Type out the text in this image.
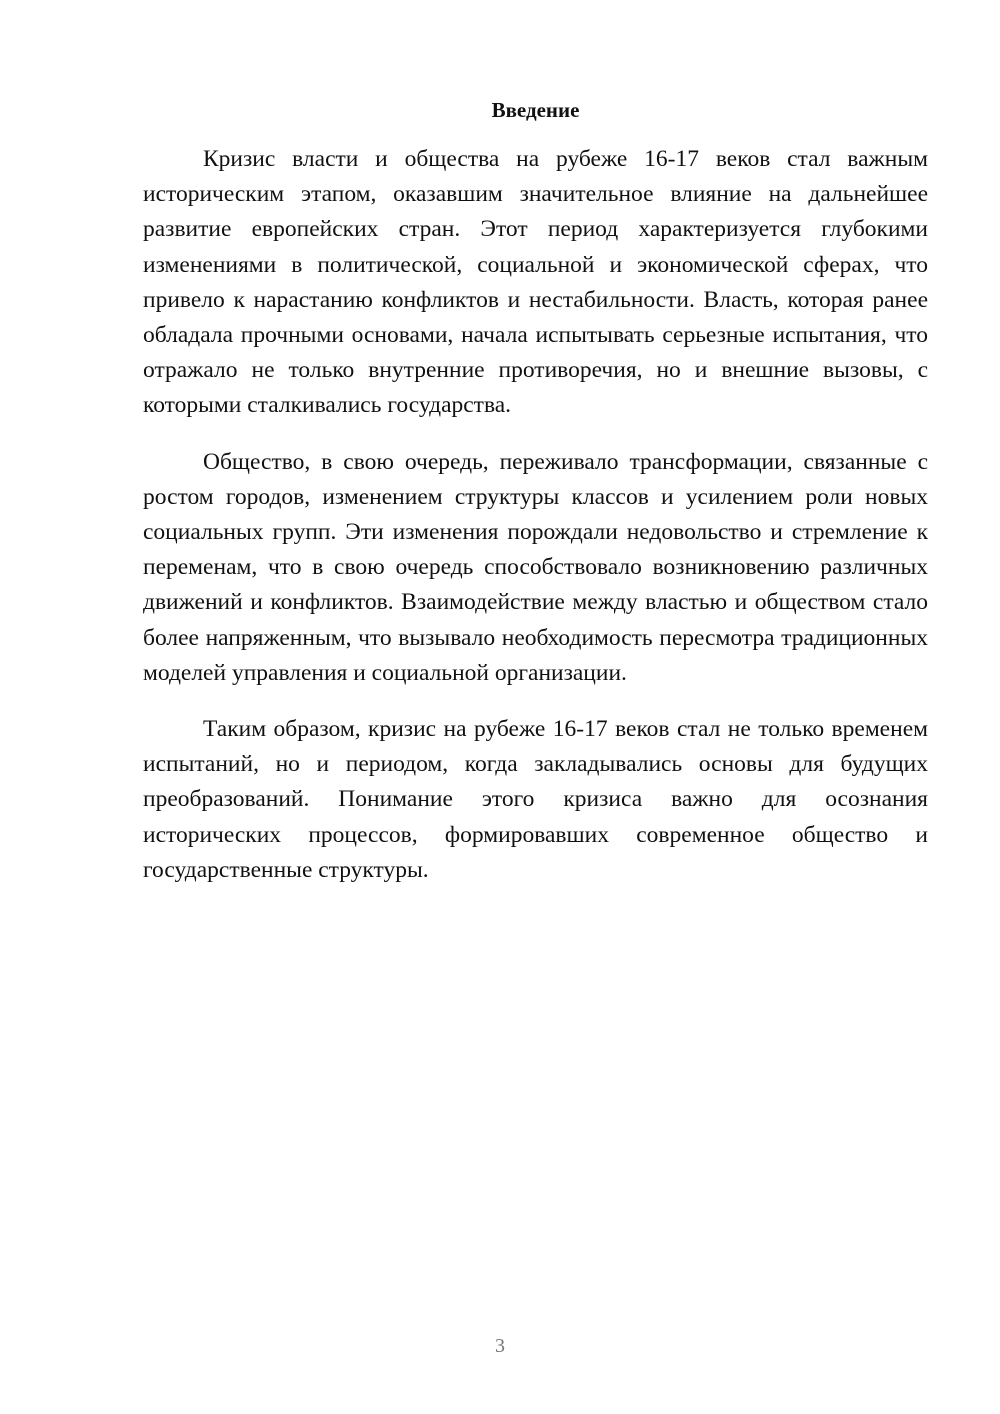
Введение

Кризис власти и общества на рубеже 16-17 веков стал важным историческим этапом, оказавшим значительное влияние на дальнейшее развитие европейских стран. Этот период характеризуется глубокими изменениями в политической, социальной и экономической сферах, что привело к нарастанию конфликтов и нестабильности. Власть, которая ранее обладала прочными основами, начала испытывать серьезные испытания, что отражало не только внутренние противоречия, но и внешние вызовы, с которыми сталкивались государства.

Общество, в свою очередь, переживало трансформации, связанные с ростом городов, изменением структуры классов и усилением роли новых социальных групп. Эти изменения порождали недовольство и стремление к переменам, что в свою очередь способствовало возникновению различных движений и конфликтов. Взаимодействие между властью и обществом стало более напряженным, что вызывало необходимость пересмотра традиционных моделей управления и социальной организации.

Таким образом, кризис на рубеже 16-17 веков стал не только временем испытаний, но и периодом, когда закладывались основы для будущих преобразований. Понимание этого кризиса важно для осознания исторических процессов, формировавших современное общество и государственные структуры.

3
